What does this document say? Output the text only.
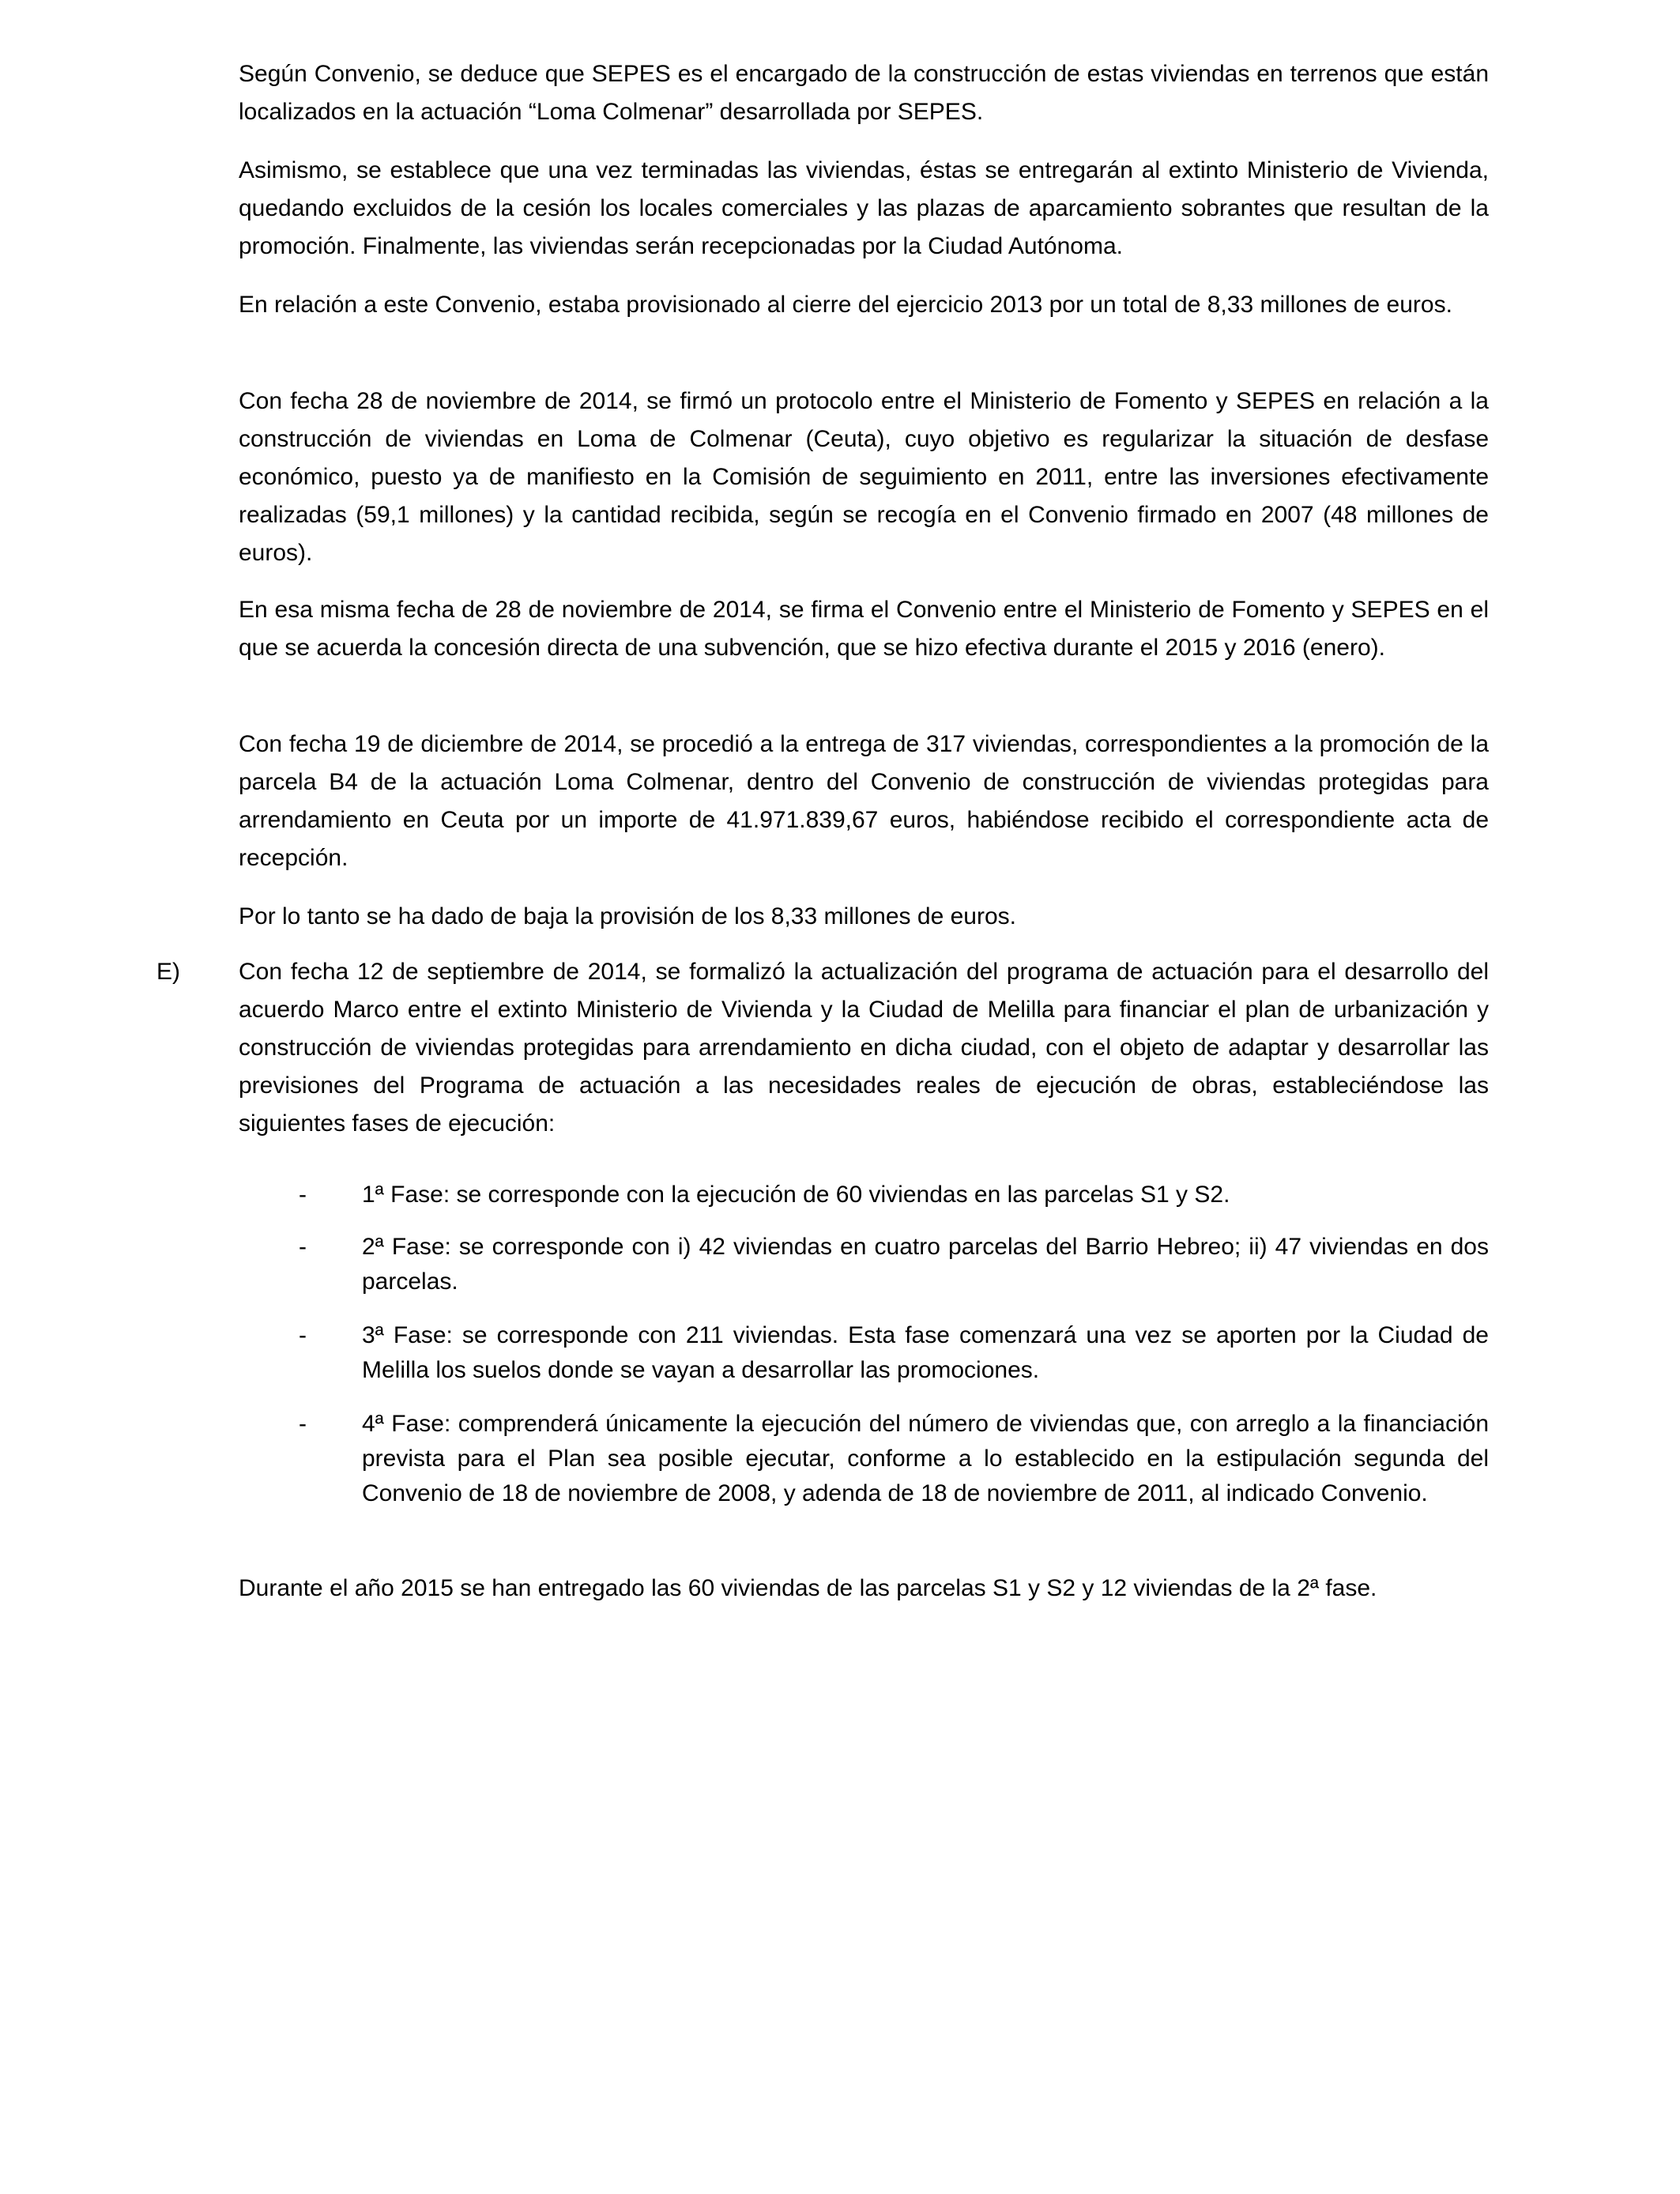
Según Convenio, se deduce que SEPES es el encargado de la construcción de estas viviendas en terrenos que están localizados en la actuación “Loma Colmenar” desarrollada por SEPES.

Asimismo, se establece que una vez terminadas las viviendas, éstas se entregarán al extinto Ministerio de Vivienda, quedando excluidos de la cesión los locales comerciales y las plazas de aparcamiento sobrantes que resultan de la promoción. Finalmente, las viviendas serán recepcionadas por la Ciudad Autónoma.

En relación a este Convenio, estaba provisionado al cierre del ejercicio 2013 por un total de 8,33 millones de euros.

Con fecha 28 de noviembre de 2014, se firmó un protocolo entre el Ministerio de Fomento y SEPES en relación a la construcción de viviendas en Loma de Colmenar (Ceuta), cuyo objetivo es regularizar la situación de desfase económico, puesto ya de manifiesto en la Comisión de seguimiento en 2011, entre las inversiones efectivamente realizadas (59,1 millones) y la cantidad recibida, según se recogía en el Convenio firmado en 2007 (48 millones de euros).

En esa misma fecha de 28 de noviembre de 2014, se firma el Convenio entre el Ministerio de Fomento y SEPES en el que se acuerda la concesión directa de una subvención, que se hizo efectiva durante el 2015 y 2016 (enero).

Con fecha 19 de diciembre de 2014, se procedió a la entrega de 317 viviendas, correspondientes a la promoción de la parcela B4 de la actuación Loma Colmenar, dentro del Convenio de construcción de viviendas protegidas para arrendamiento en Ceuta por un importe de 41.971.839,67 euros, habiéndose recibido el correspondiente acta de recepción.

Por lo tanto se ha dado de baja la provisión de los 8,33 millones de euros.

E) Con fecha 12 de septiembre de 2014, se formalizó la actualización del programa de actuación para el desarrollo del acuerdo Marco entre el extinto Ministerio de Vivienda y la Ciudad de Melilla para financiar el plan de urbanización y construcción de viviendas protegidas para arrendamiento en dicha ciudad, con el objeto de adaptar y desarrollar las previsiones del Programa de actuación a las necesidades reales de ejecución de obras, estableciéndose las siguientes fases de ejecución:

- 1ª Fase: se corresponde con la ejecución de 60 viviendas en las parcelas S1 y S2.

- 2ª Fase: se corresponde con i) 42 viviendas en cuatro parcelas del Barrio Hebreo; ii) 47 viviendas en dos parcelas.

- 3ª Fase: se corresponde con 211 viviendas. Esta fase comenzará una vez se aporten por la Ciudad de Melilla los suelos donde se vayan a desarrollar las promociones.

- 4ª Fase: comprenderá únicamente la ejecución del número de viviendas que, con arreglo a la financiación prevista para el Plan sea posible ejecutar, conforme a lo establecido en la estipulación segunda del Convenio de 18 de noviembre de 2008, y adenda de 18 de noviembre de 2011, al indicado Convenio.

Durante el año 2015 se han entregado las 60 viviendas de las parcelas S1 y S2 y 12 viviendas de la 2ª fase.
